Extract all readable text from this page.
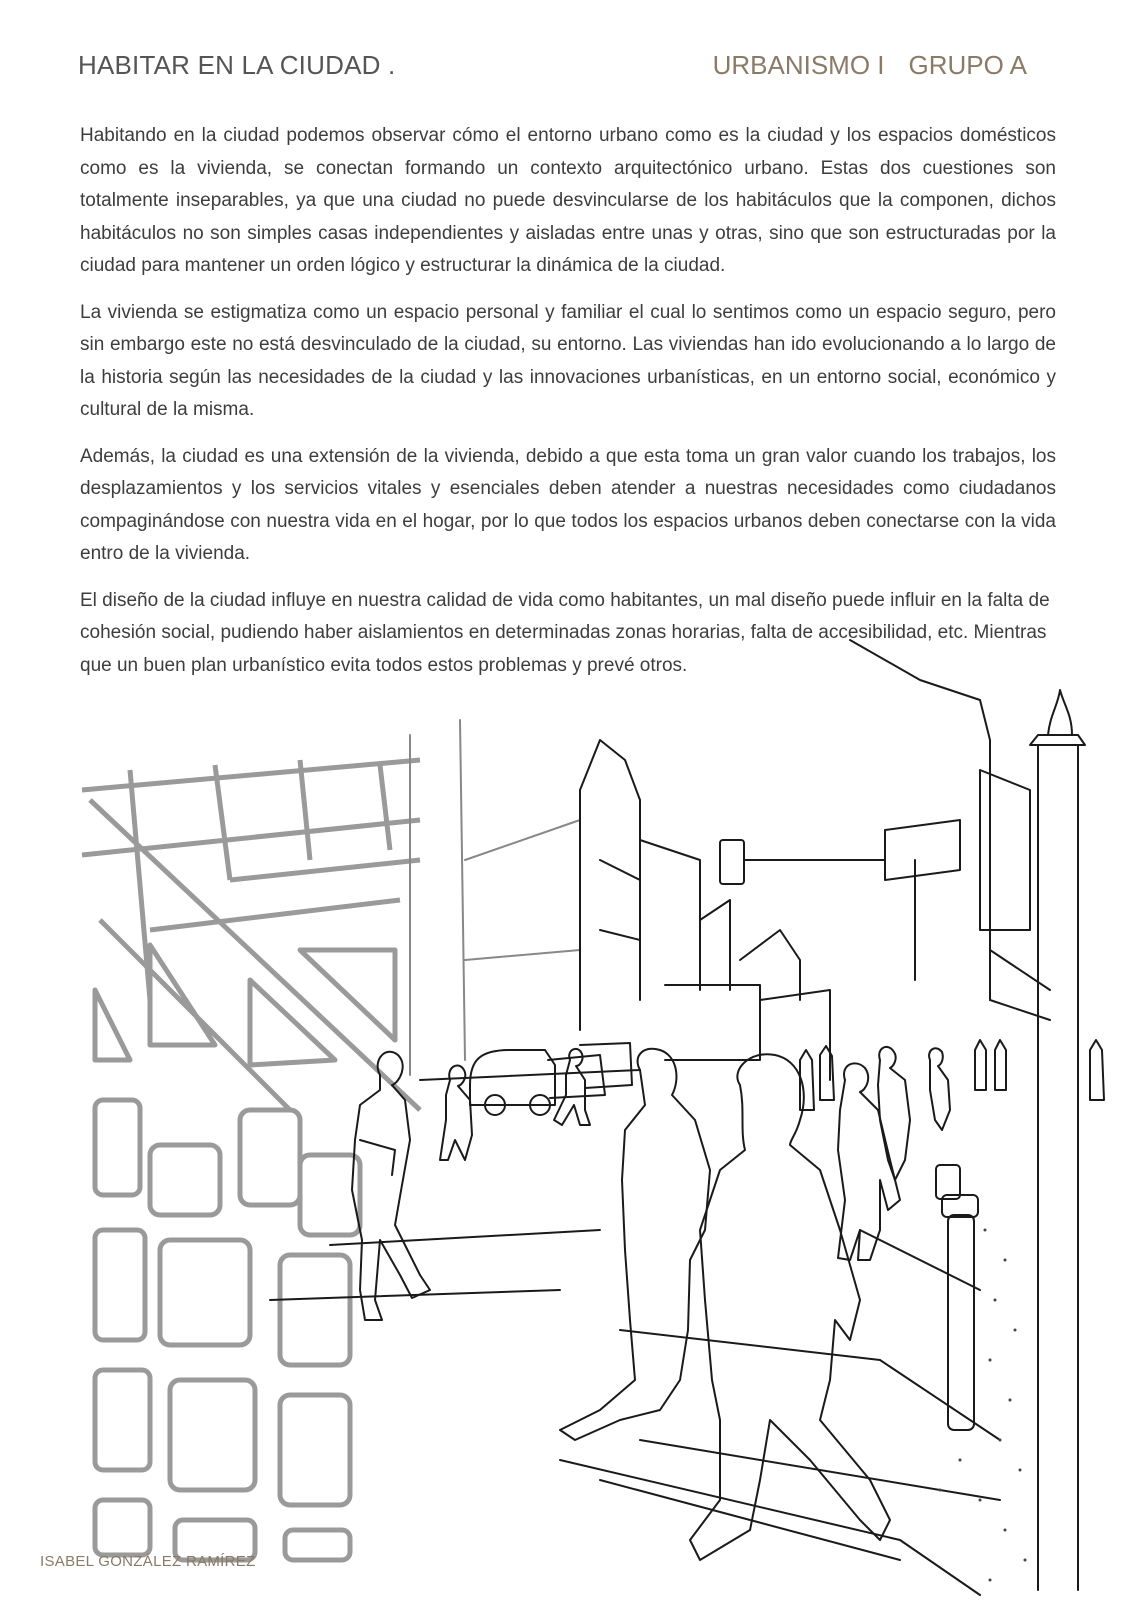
HABITAR EN LA CIUDAD .	URBANISMO I GRUPO A

Habitando en la ciudad podemos observar cómo el entorno urbano como es la ciudad y los espacios domésticos como es la vivienda, se conectan formando un contexto arquitectónico urbano. Estas dos cuestiones son totalmente inseparables, ya que una ciudad no puede desvincularse de los habitáculos que la componen, dichos habitáculos no son simples casas independientes y aisladas entre unas y otras, sino que son estructuradas por la ciudad para mantener un orden lógico y estructurar la dinámica de la ciudad.

La vivienda se estigmatiza como un espacio personal y familiar el cual lo sentimos como un espacio seguro, pero sin embargo este no está desvinculado de la ciudad, su entorno. Las viviendas han ido evolucionando a lo largo de la historia según las necesidades de la ciudad y las innovaciones urbanísticas, en un entorno social, económico y cultural de la misma.

Además, la ciudad es una extensión de la vivienda, debido a que esta toma un gran valor cuando los trabajos, los desplazamientos y los servicios vitales y esenciales deben atender a nuestras necesidades como ciudadanos compaginándose con nuestra vida en el hogar, por lo que todos los espacios urbanos deben conectarse con la vida entro de la vivienda.

El diseño de la ciudad influye en nuestra calidad de vida como habitantes, un mal diseño puede influir en la falta de cohesión social, pudiendo haber aislamientos en determinadas zonas horarias, falta de accesibilidad, etc. Mientras que un buen plan urbanístico evita todos estos problemas y prevé otros.

ISABEL GONZÁLEZ RAMÍREZ
